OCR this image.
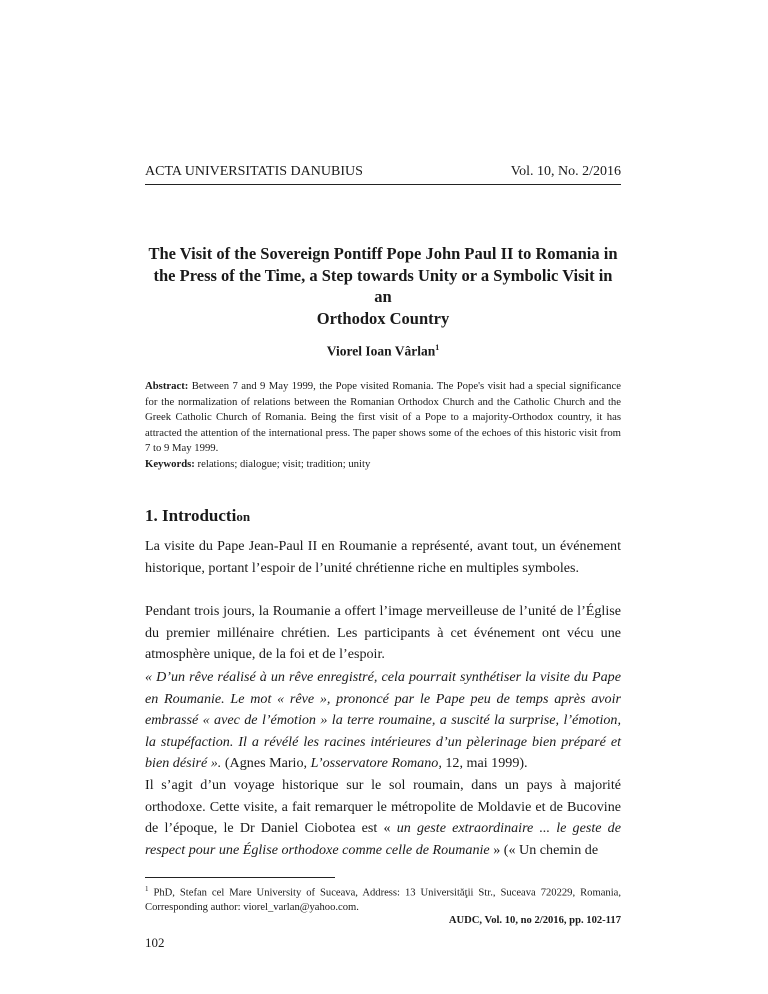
ACTA UNIVERSITATIS DANUBIUS	Vol. 10, No. 2/2016
The Visit of the Sovereign Pontiff Pope John Paul II to Romania in
the Press of the Time, a Step towards Unity or a Symbolic Visit in an
Orthodox Country
Viorel Ioan Vârlan$^1$
Abstract: Between 7 and 9 May 1999, the Pope visited Romania. The Pope's visit had a special significance for the normalization of relations between the Romanian Orthodox Church and the Catholic Church and the Greek Catholic Church of Romania. Being the first visit of a Pope to a majority-Orthodox country, it has attracted the attention of the international press. The paper shows some of the echoes of this historic visit from 7 to 9 May 1999.
Keywords: relations; dialogue; visit; tradition; unity
1. Introduction
La visite du Pape Jean-Paul II en Roumanie a représenté, avant tout, un événement historique, portant l’espoir de l’unité chrétienne riche en multiples symboles.
Pendant trois jours, la Roumanie a offert l’image merveilleuse de l’unité de l’Église du premier millénaire chrétien. Les participants à cet événement ont vécu une atmosphère unique, de la foi et de l’espoir.
« D’un rêve réalisé à un rêve enregistré, cela pourrait synthétiser la visite du Pape en Roumanie. Le mot « rêve », prononcé par le Pape peu de temps après avoir embrassé « avec de l’émotion » la terre roumaine, a suscité la surprise, l’émotion, la stupéfaction. Il a révélé les racines intérieures d’un pèlerinage bien préparé et bien désiré ». (Agnes Mario, L’osservatore Romano, 12, mai 1999).
Il s’agit d’un voyage historique sur le sol roumain, dans un pays à majorité orthodoxe. Cette visite, a fait remarquer le métropolite de Moldavie et de Bucovine de l’époque, le Dr Daniel Ciobotea est « un geste extraordinaire ... le geste de respect pour une Église orthodoxe comme celle de Roumanie » (« Un chemin de
$^1$ PhD, Stefan cel Mare University of Suceava, Address: 13 Universităţii Str., Suceava 720229, Romania, Corresponding author: viorel_varlan@yahoo.com.
AUDC, Vol. 10, no 2/2016, pp. 102-117
102
